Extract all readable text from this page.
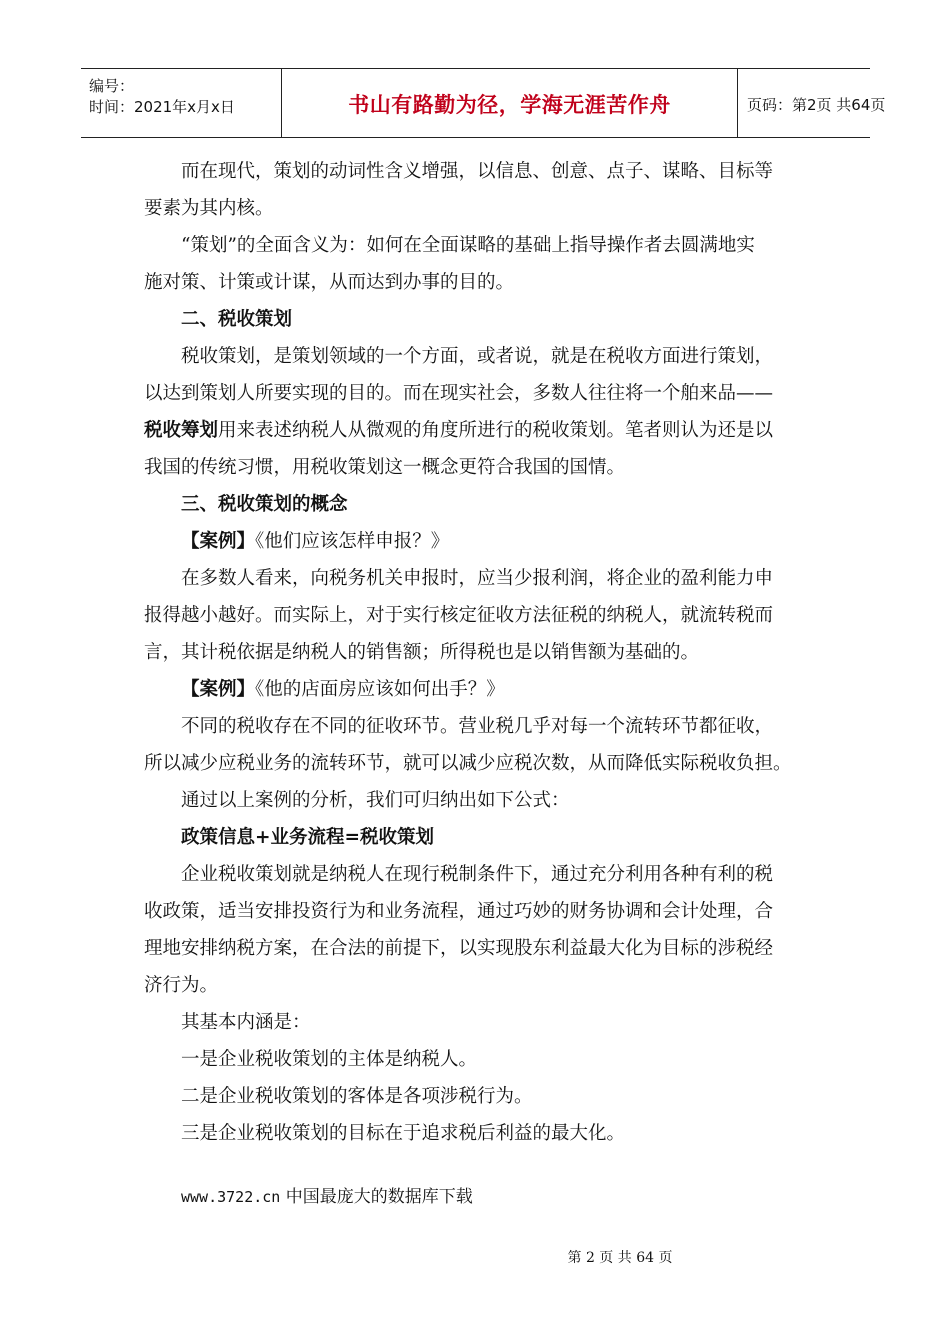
编号：
时间：2021年x月x日	书山有路勤为径，学海无涯苦作舟	页码：第2页 共64页
而在现代，策划的动词性含义增强，以信息、创意、点子、谋略、目标等
要素为其内核。
“策划”的全面含义为：如何在全面谋略的基础上指导操作者去圆满地实
施对策、计策或计谋，从而达到办事的目的。
二、税收策划
税收策划，是策划领域的一个方面，或者说，就是在税收方面进行策划，
以达到策划人所要实现的目的。而在现实社会，多数人往往将一个舶来品——
税收筹划用来表述纳税人从微观的角度所进行的税收策划。笔者则认为还是以
我国的传统习惯，用税收策划这一概念更符合我国的国情。
三、税收策划的概念
【案例】《他们应该怎样申报？》
在多数人看来，向税务机关申报时，应当少报利润，将企业的盈利能力申
报得越小越好。而实际上，对于实行核定征收方法征税的纳税人，就流转税而
言，其计税依据是纳税人的销售额；所得税也是以销售额为基础的。
【案例】《他的店面房应该如何出手？》
不同的税收存在不同的征收环节。营业税几乎对每一个流转环节都征收，
所以减少应税业务的流转环节，就可以减少应税次数，从而降低实际税收负担。
通过以上案例的分析，我们可归纳出如下公式：
政策信息+业务流程=税收策划
企业税收策划就是纳税人在现行税制条件下，通过充分利用各种有利的税
收政策，适当安排投资行为和业务流程，通过巧妙的财务协调和会计处理，合
理地安排纳税方案，在合法的前提下，以实现股东利益最大化为目标的涉税经
济行为。
其基本内涵是：
一是企业税收策划的主体是纳税人。
二是企业税收策划的客体是各项涉税行为。
三是企业税收策划的目标在于追求税后利益的最大化。
www.3722.cn 中国最庞大的数据库下载
第 2 页 共 64 页
